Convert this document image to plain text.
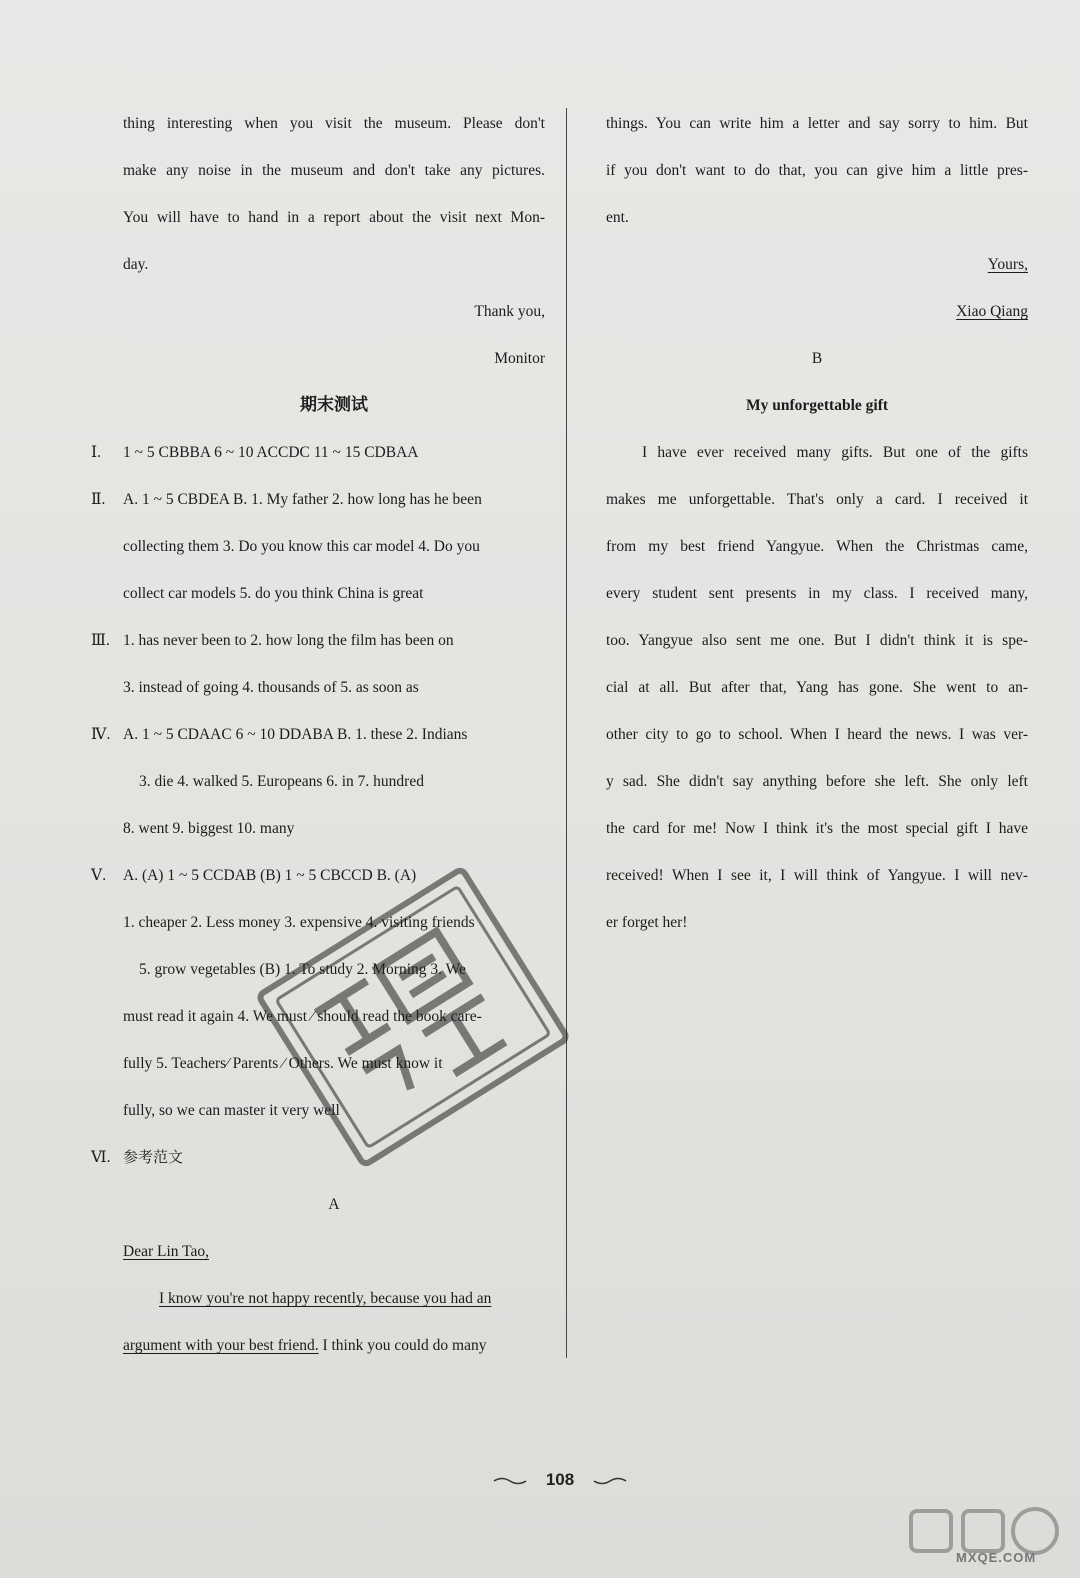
thing interesting when you visit the museum. Please don't
make any noise in the museum and don't take any pictures.
You will have to hand in a report about the visit next Mon-
day.
Thank you,
Monitor
期末测试
Ⅰ.	1 ~ 5 CBBBA 6 ~ 10 ACCDC 11 ~ 15 CDBAA
Ⅱ.	A. 1 ~ 5 CBDEA B. 1. My father 2. how long has he been
collecting them 3. Do you know this car model 4. Do you
collect car models 5. do you think China is great
Ⅲ. 1. has never been to 2. how long the film has been on
3. instead of going 4. thousands of 5. as soon as
Ⅳ. A. 1 ~ 5 CDAAC 6 ~ 10 DDABA B. 1. these 2. Indians
3. die 4. walked 5. Europeans 6. in 7. hundred
8. went 9. biggest 10. many
Ⅴ.	A. (A) 1 ~ 5 CCDAB (B) 1 ~ 5 CBCCD B. (A)
1. cheaper 2. Less money 3. expensive 4. visiting friends
5. grow vegetables (B) 1. To study 2. Morning 3. We
must read it again 4. We must ∕ should read the book care-
fully 5. Teachers∕ Parents ∕ Others. We must know it
fully, so we can master it very well
Ⅵ. 参考范文
A
Dear Lin Tao,
I know you're not happy recently, because you had an
argument with your best friend. I think you could do many
things. You can write him a letter and say sorry to him. But
if you don't want to do that, you can give him a little pres-
ent.
Yours,
Xiao Qiang
B
My unforgettable gift
I have ever received many gifts. But one of the gifts
makes me unforgettable. That's only a card. I received it
from my best friend Yangyue. When the Christmas came,
every student sent presents in my class. I received many,
too. Yangyue also sent me one. But I didn't think it is spe-
cial at all. But after that, Yang has gone. She went to an-
other city to go to school. When I heard the news. I was ver-
y sad. She didn't say anything before she left. She only left
the card for me! Now I think it's the most special gift I have
received! When I see it, I will think of Yangyue. I will nev-
er forget her!
108
MXQE.COM
